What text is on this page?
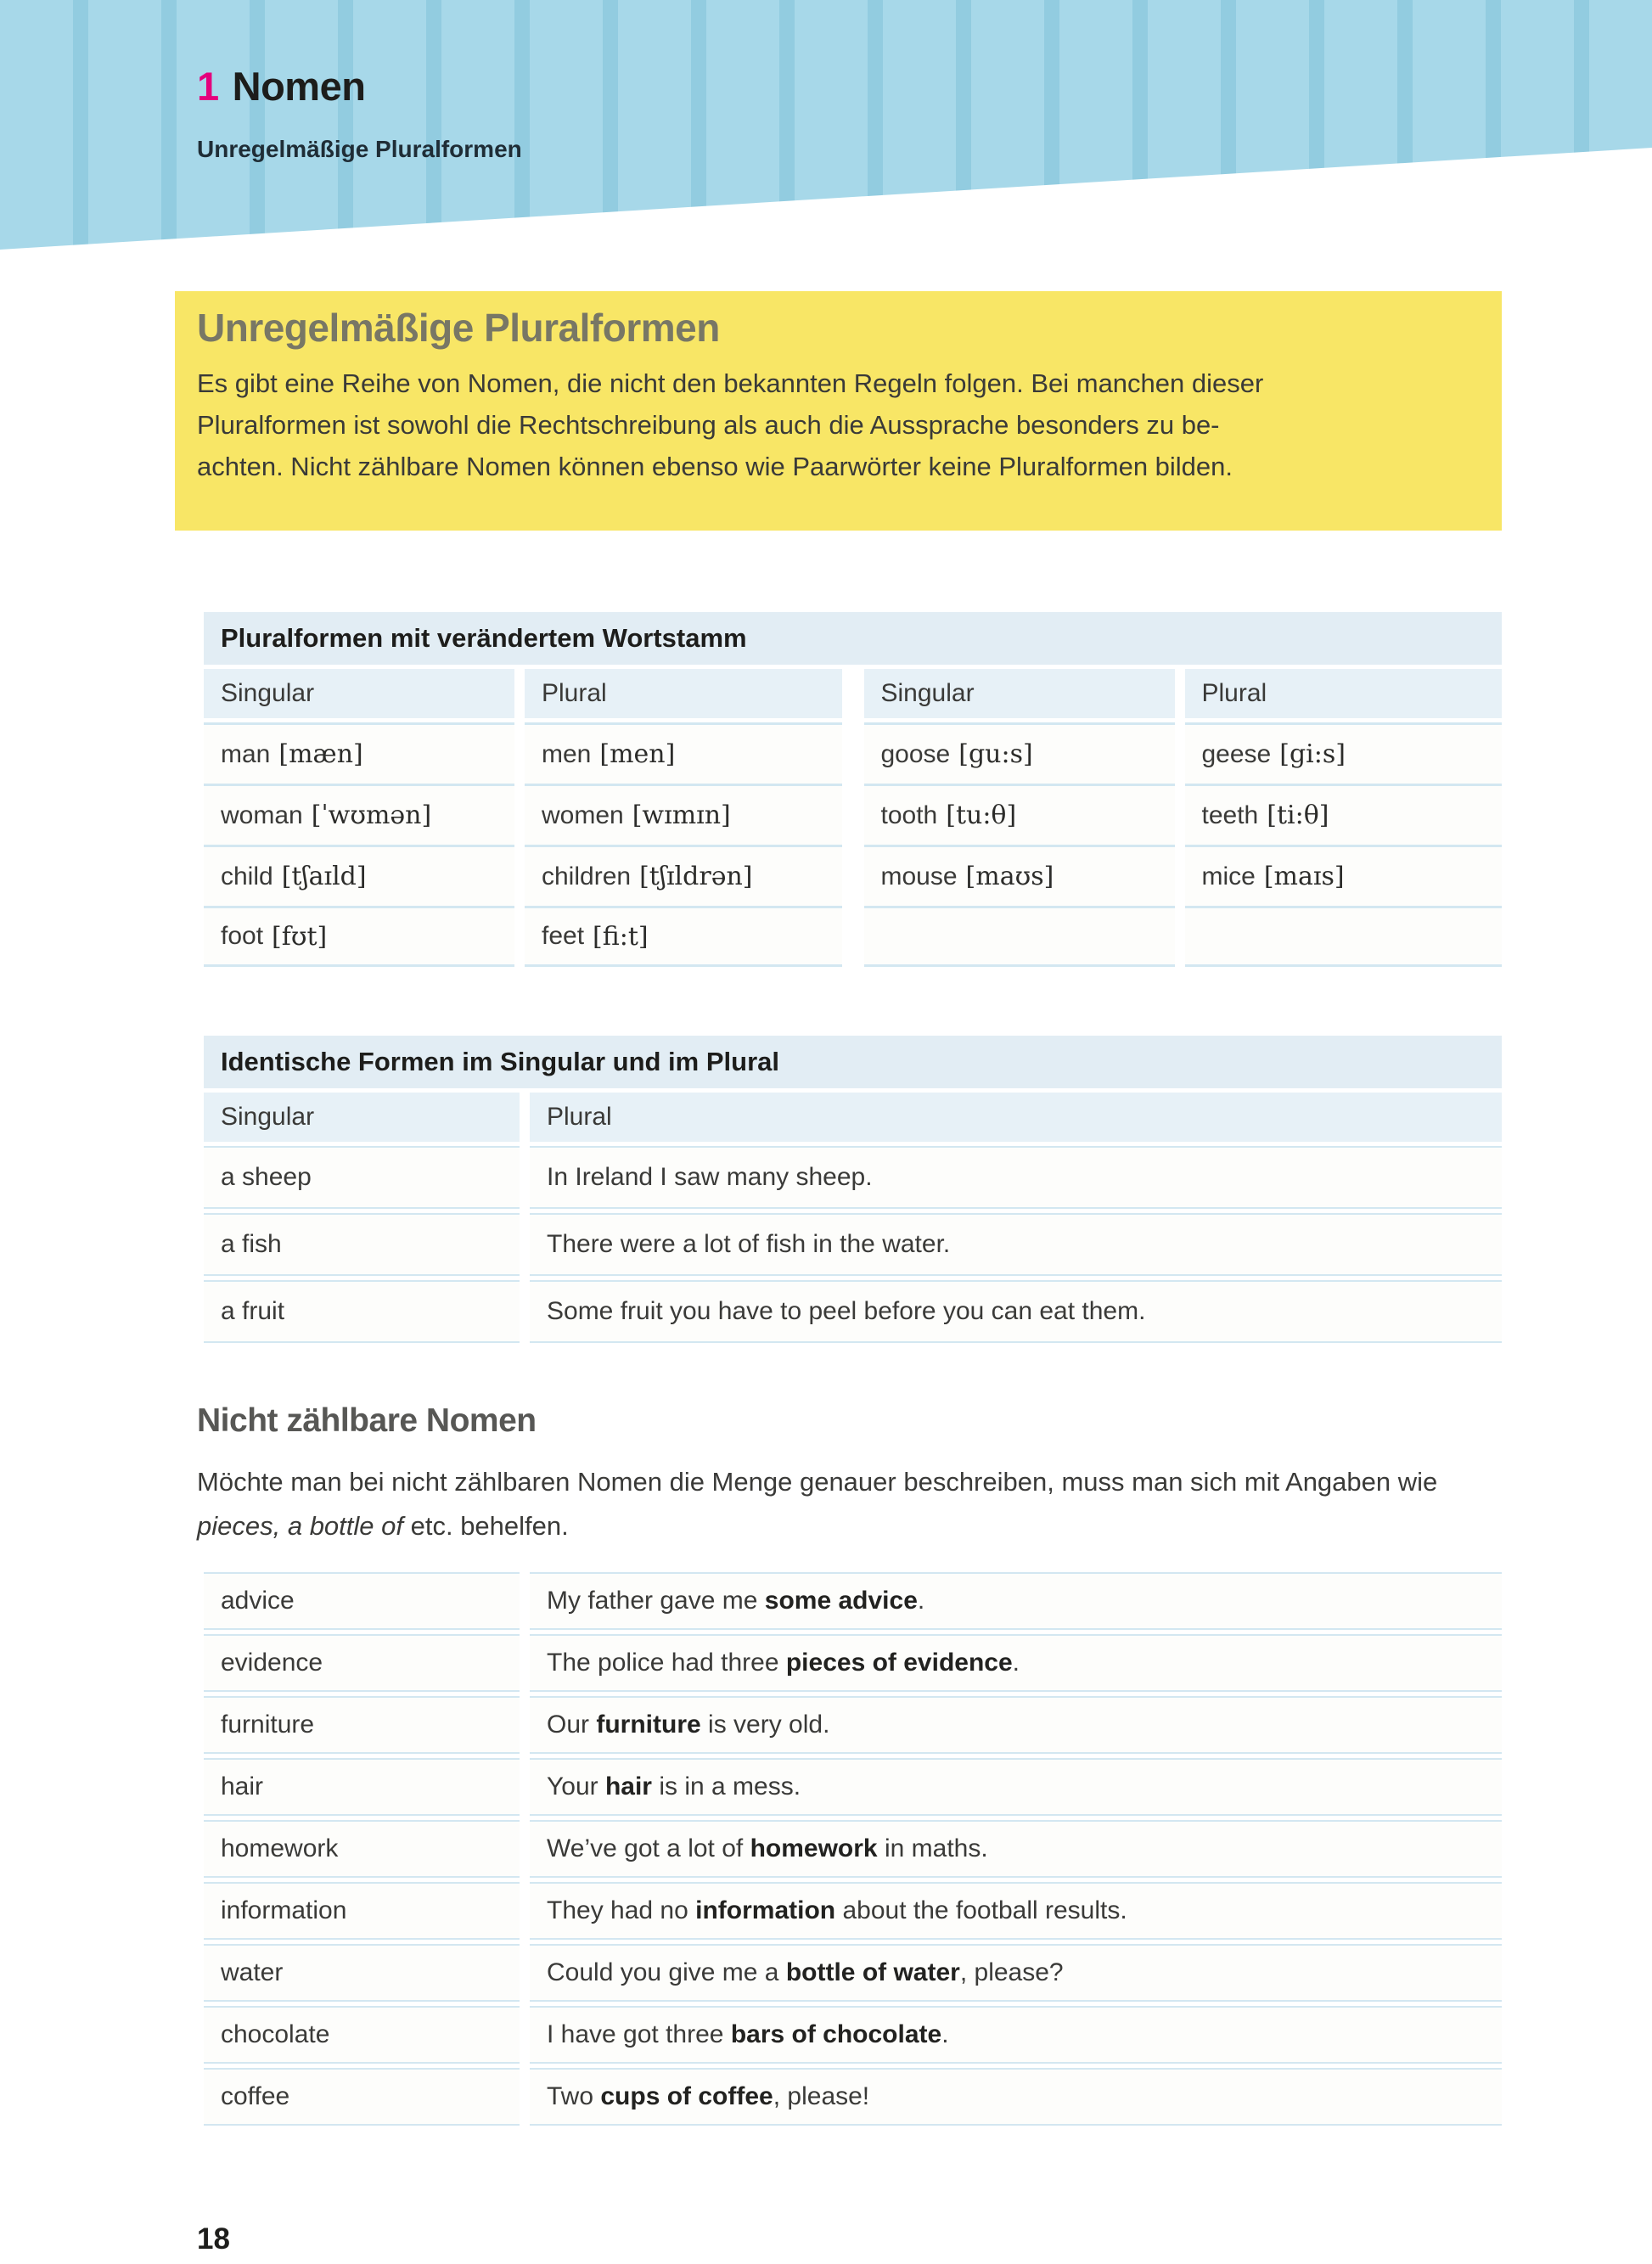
1 Nomen
Unregelmäßige Pluralformen
Unregelmäßige Pluralformen
Es gibt eine Reihe von Nomen, die nicht den bekannten Regeln folgen. Bei manchen dieser
Pluralformen ist sowohl die Rechtschreibung als auch die Aussprache besonders zu be-
achten. Nicht zählbare Nomen können ebenso wie Paarwörter keine Pluralformen bilden.
Pluralformen mit verändertem Wortstamm
Singular	Plural
man [mæn]	men [men]
woman [ˈwʊmən]	women [wɪmɪn]
child [tʃaɪld]	children [tʃɪldrən]
foot [fʊt]	feet [fi:t]
Singular	Plural
goose [gu:s]	geese [gi:s]
tooth [tu:θ]	teeth [ti:θ]
mouse [maʊs]	mice [maɪs]
Identische Formen im Singular und im Plural
Singular	Plural
a sheep	In Ireland I saw many sheep.
a fish	There were a lot of fish in the water.
a fruit	Some fruit you have to peel before you can eat them.
Nicht zählbare Nomen
Möchte man bei nicht zählbaren Nomen die Menge genauer beschreiben, muss man sich mit Angaben wie pieces, a bottle of etc. behelfen.
advice	My father gave me some advice .
evidence	The police had three pieces of evidence .
furniture	Our furniture is very old.
hair	Your hair is in a mess.
homework	We’ve got a lot of homework in maths.
information	They had no information about the football results.
water	Could you give me a bottle of water , please?
chocolate	I have got three bars of chocolate .
coffee	Two cups of coffee , please!
18
